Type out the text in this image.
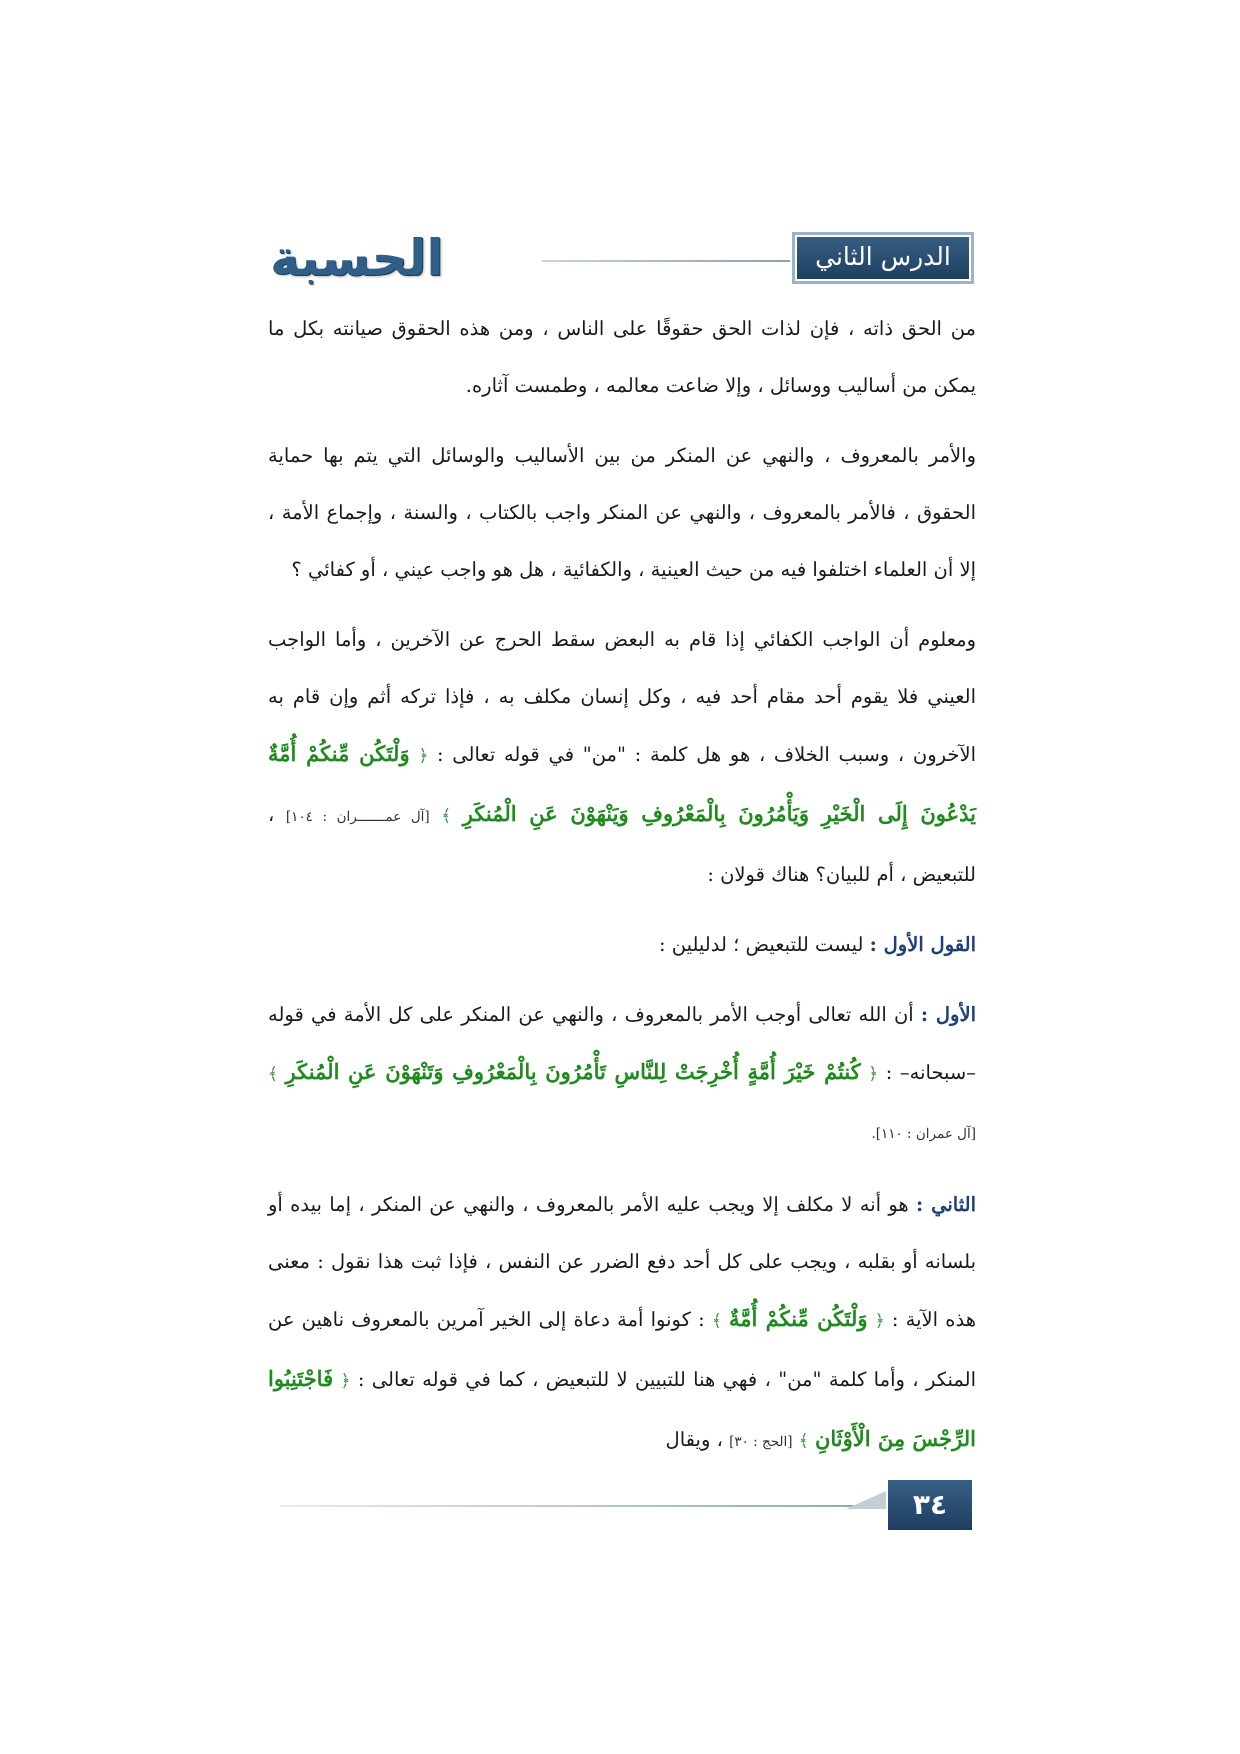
الحسبة	الدرس الثاني

من الحق ذاته ، فإن لذات الحق حقوقًا على الناس ، ومن هذه الحقوق صيانته بكل ما يمكن من أساليب ووسائل ، وإلا ضاعت معالمه ، وطمست آثاره.

والأمر بالمعروف ، والنهي عن المنكر من بين الأساليب والوسائل التي يتم بها حماية الحقوق ، فالأمر بالمعروف ، والنهي عن المنكر واجب بالكتاب ، والسنة ، وإجماع الأمة ، إلا أن العلماء اختلفوا فيه من حيث العينية ، والكفائية ، هل هو واجب عيني ، أو كفائي ؟

ومعلوم أن الواجب الكفائي إذا قام به البعض سقط الحرج عن الآخرين ، وأما الواجب العيني فلا يقوم أحد مقام أحد فيه ، وكل إنسان مكلف به ، فإذا تركه أثم وإن قام به الآخرون ، وسبب الخلاف ، هو هل كلمة : "من" في قوله تعالى : ﴿ وَلْتَكُن مِّنكُمْ أُمَّةٌ يَدْعُونَ إِلَى الْخَيْرِ وَيَأْمُرُونَ بِالْمَعْرُوفِ وَيَنْهَوْنَ عَنِ الْمُنكَرِ ﴾ [آل عمـــــــران : ١٠٤] ، للتبعيض ، أم للبيان؟ هناك قولان :

القول الأول : ليست للتبعيض ؛ لدليلين :

الأول : أن الله تعالى أوجب الأمر بالمعروف ، والنهي عن المنكر على كل الأمة في قوله –سبحانه– : ﴿ كُنتُمْ خَيْرَ أُمَّةٍ أُخْرِجَتْ لِلنَّاسِ تَأْمُرُونَ بِالْمَعْرُوفِ وَتَنْهَوْنَ عَنِ الْمُنكَرِ ﴾ [آل عمران : ١١٠].

الثاني : هو أنه لا مكلف إلا ويجب عليه الأمر بالمعروف ، والنهي عن المنكر ، إما بيده أو بلسانه أو بقلبه ، ويجب على كل أحد دفع الضرر عن النفس ، فإذا ثبت هذا نقول : معنى هذه الآية : ﴿ وَلْتَكُن مِّنكُمْ أُمَّةٌ ﴾ : كونوا أمة دعاة إلى الخير آمرين بالمعروف ناهين عن المنكر ، وأما كلمة "من" ، فهي هنا للتبيين لا للتبعيض ، كما في قوله تعالى : ﴿ فَاجْتَنِبُوا الرِّجْسَ مِنَ الْأَوْثَانِ ﴾ [الحج : ٣٠] ، ويقال

٣٤
